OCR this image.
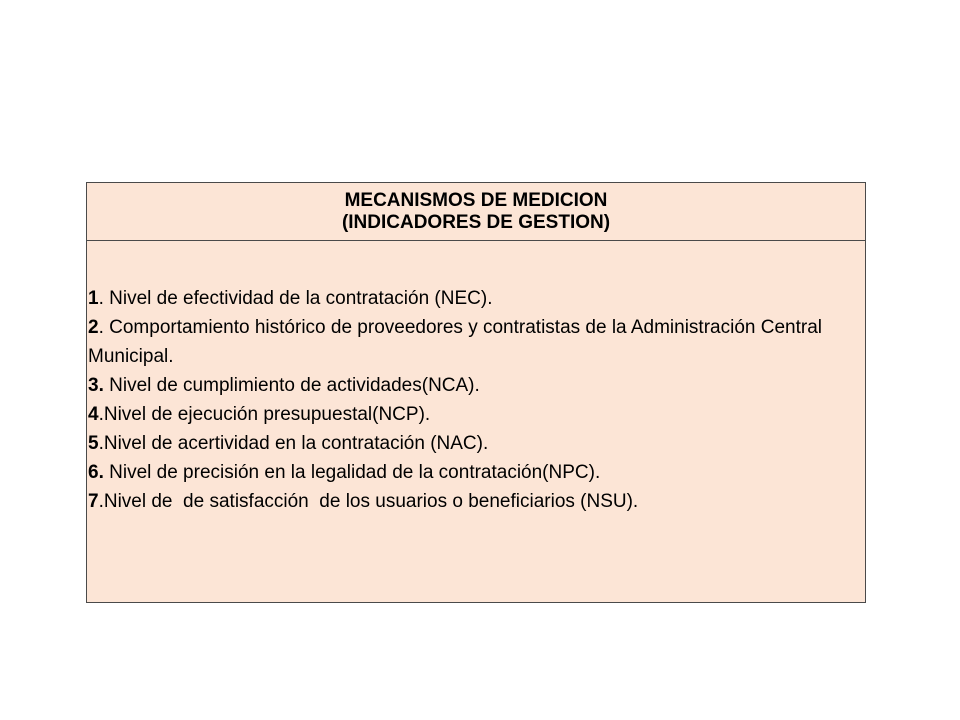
MECANISMOS DE MEDICION
(INDICADORES DE GESTION)

1. Nivel de efectividad de la contratación (NEC).
2. Comportamiento histórico de proveedores y contratistas de la Administración Central Municipal.
3. Nivel de cumplimiento de actividades(NCA).
4.Nivel de ejecución presupuestal(NCP).
5.Nivel de acertividad en la contratación (NAC).
6. Nivel de precisión en la legalidad de la contratación(NPC).
7.Nivel de  de satisfacción  de los usuarios o beneficiarios (NSU).
